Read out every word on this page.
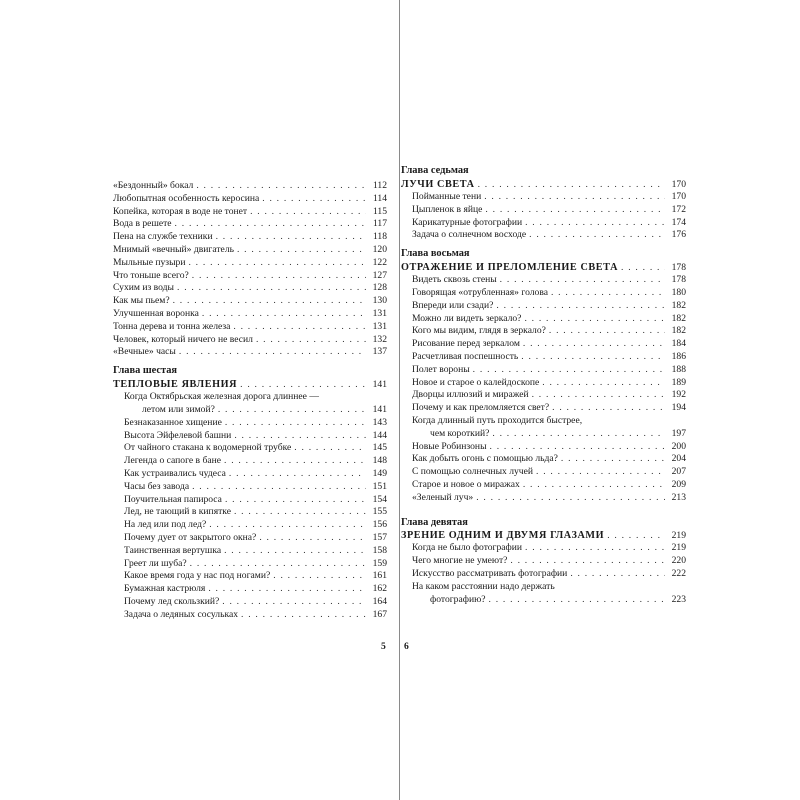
«Бездонный» бокал . . .	112
Любопытная особенность керосина . . .	114
Копейка, которая в воде не тонет . . .	115
Вода в решете . . .	117
Пена на службе техники . . .	118
Мнимый «вечный» двигатель . . .	120
Мыльные пузыри . . .	122
Что тоньше всего? . . .	127
Сухим из воды . . .	128
Как мы пьем? . . .	130
Улучшенная воронка . . .	131
Тонна дерева и тонна железа . . .	131
Человек, который ничего не весил . . .	132
«Вечные» часы . . .	137
Глава шестая
ТЕПЛОВЫЕ ЯВЛЕНИЯ . . .	141
Когда Октябрьская железная дорога длиннее —
летом или зимой? . . .	141
Безнаказанное хищение . . .	143
Высота Эйфелевой башни . . .	144
От чайного стакана к водомерной трубке . . .	145
Легенда о сапоге в бане . . .	148
Как устраивались чудеса . . .	149
Часы без завода . . .	151
Поучительная папироса . . .	154
Лед, не тающий в кипятке . . .	155
На лед или под лед? . . .	156
Почему дует от закрытого окна? . . .	157
Таинственная вертушка . . .	158
Греет ли шуба? . . .	159
Какое время года у нас под ногами? . . .	161
Бумажная кастрюля . . .	162
Почему лед скользкий? . . .	164
Задача о ледяных сосульках . . .	167
5
Глава седьмая
ЛУЧИ СВЕТА . . .	170
Пойманные тени . . .	170
Цыпленок в яйце . . .	172
Карикатурные фотографии . . .	174
Задача о солнечном восходе . . .	176
Глава восьмая
ОТРАЖЕНИЕ И ПРЕЛОМЛЕНИЕ СВЕТА . . .	178
Видеть сквозь стены . . .	178
Говорящая «отрубленная» голова . . .	180
Впереди или сзади? . . .	182
Можно ли видеть зеркало? . . .	182
Кого мы видим, глядя в зеркало? . . .	182
Рисование перед зеркалом . . .	184
Расчетливая поспешность . . .	186
Полет вороны . . .	188
Новое и старое о калейдоскопе . . .	189
Дворцы иллюзий и миражей . . .	192
Почему и как преломляется свет? . . .	194
Когда длинный путь проходится быстрее,
чем короткий? . . .	197
Новые Робинзоны . . .	200
Как добыть огонь с помощью льда? . . .	204
С помощью солнечных лучей . . .	207
Старое и новое о миражах . . .	209
«Зеленый луч» . . .	213
Глава девятая
ЗРЕНИЕ ОДНИМ И ДВУМЯ ГЛАЗАМИ . . .	219
Когда не было фотографии . . .	219
Чего многие не умеют? . . .	220
Искусство рассматривать фотографии . . .	222
На каком расстоянии надо держать
фотографию? . . .	223
6
